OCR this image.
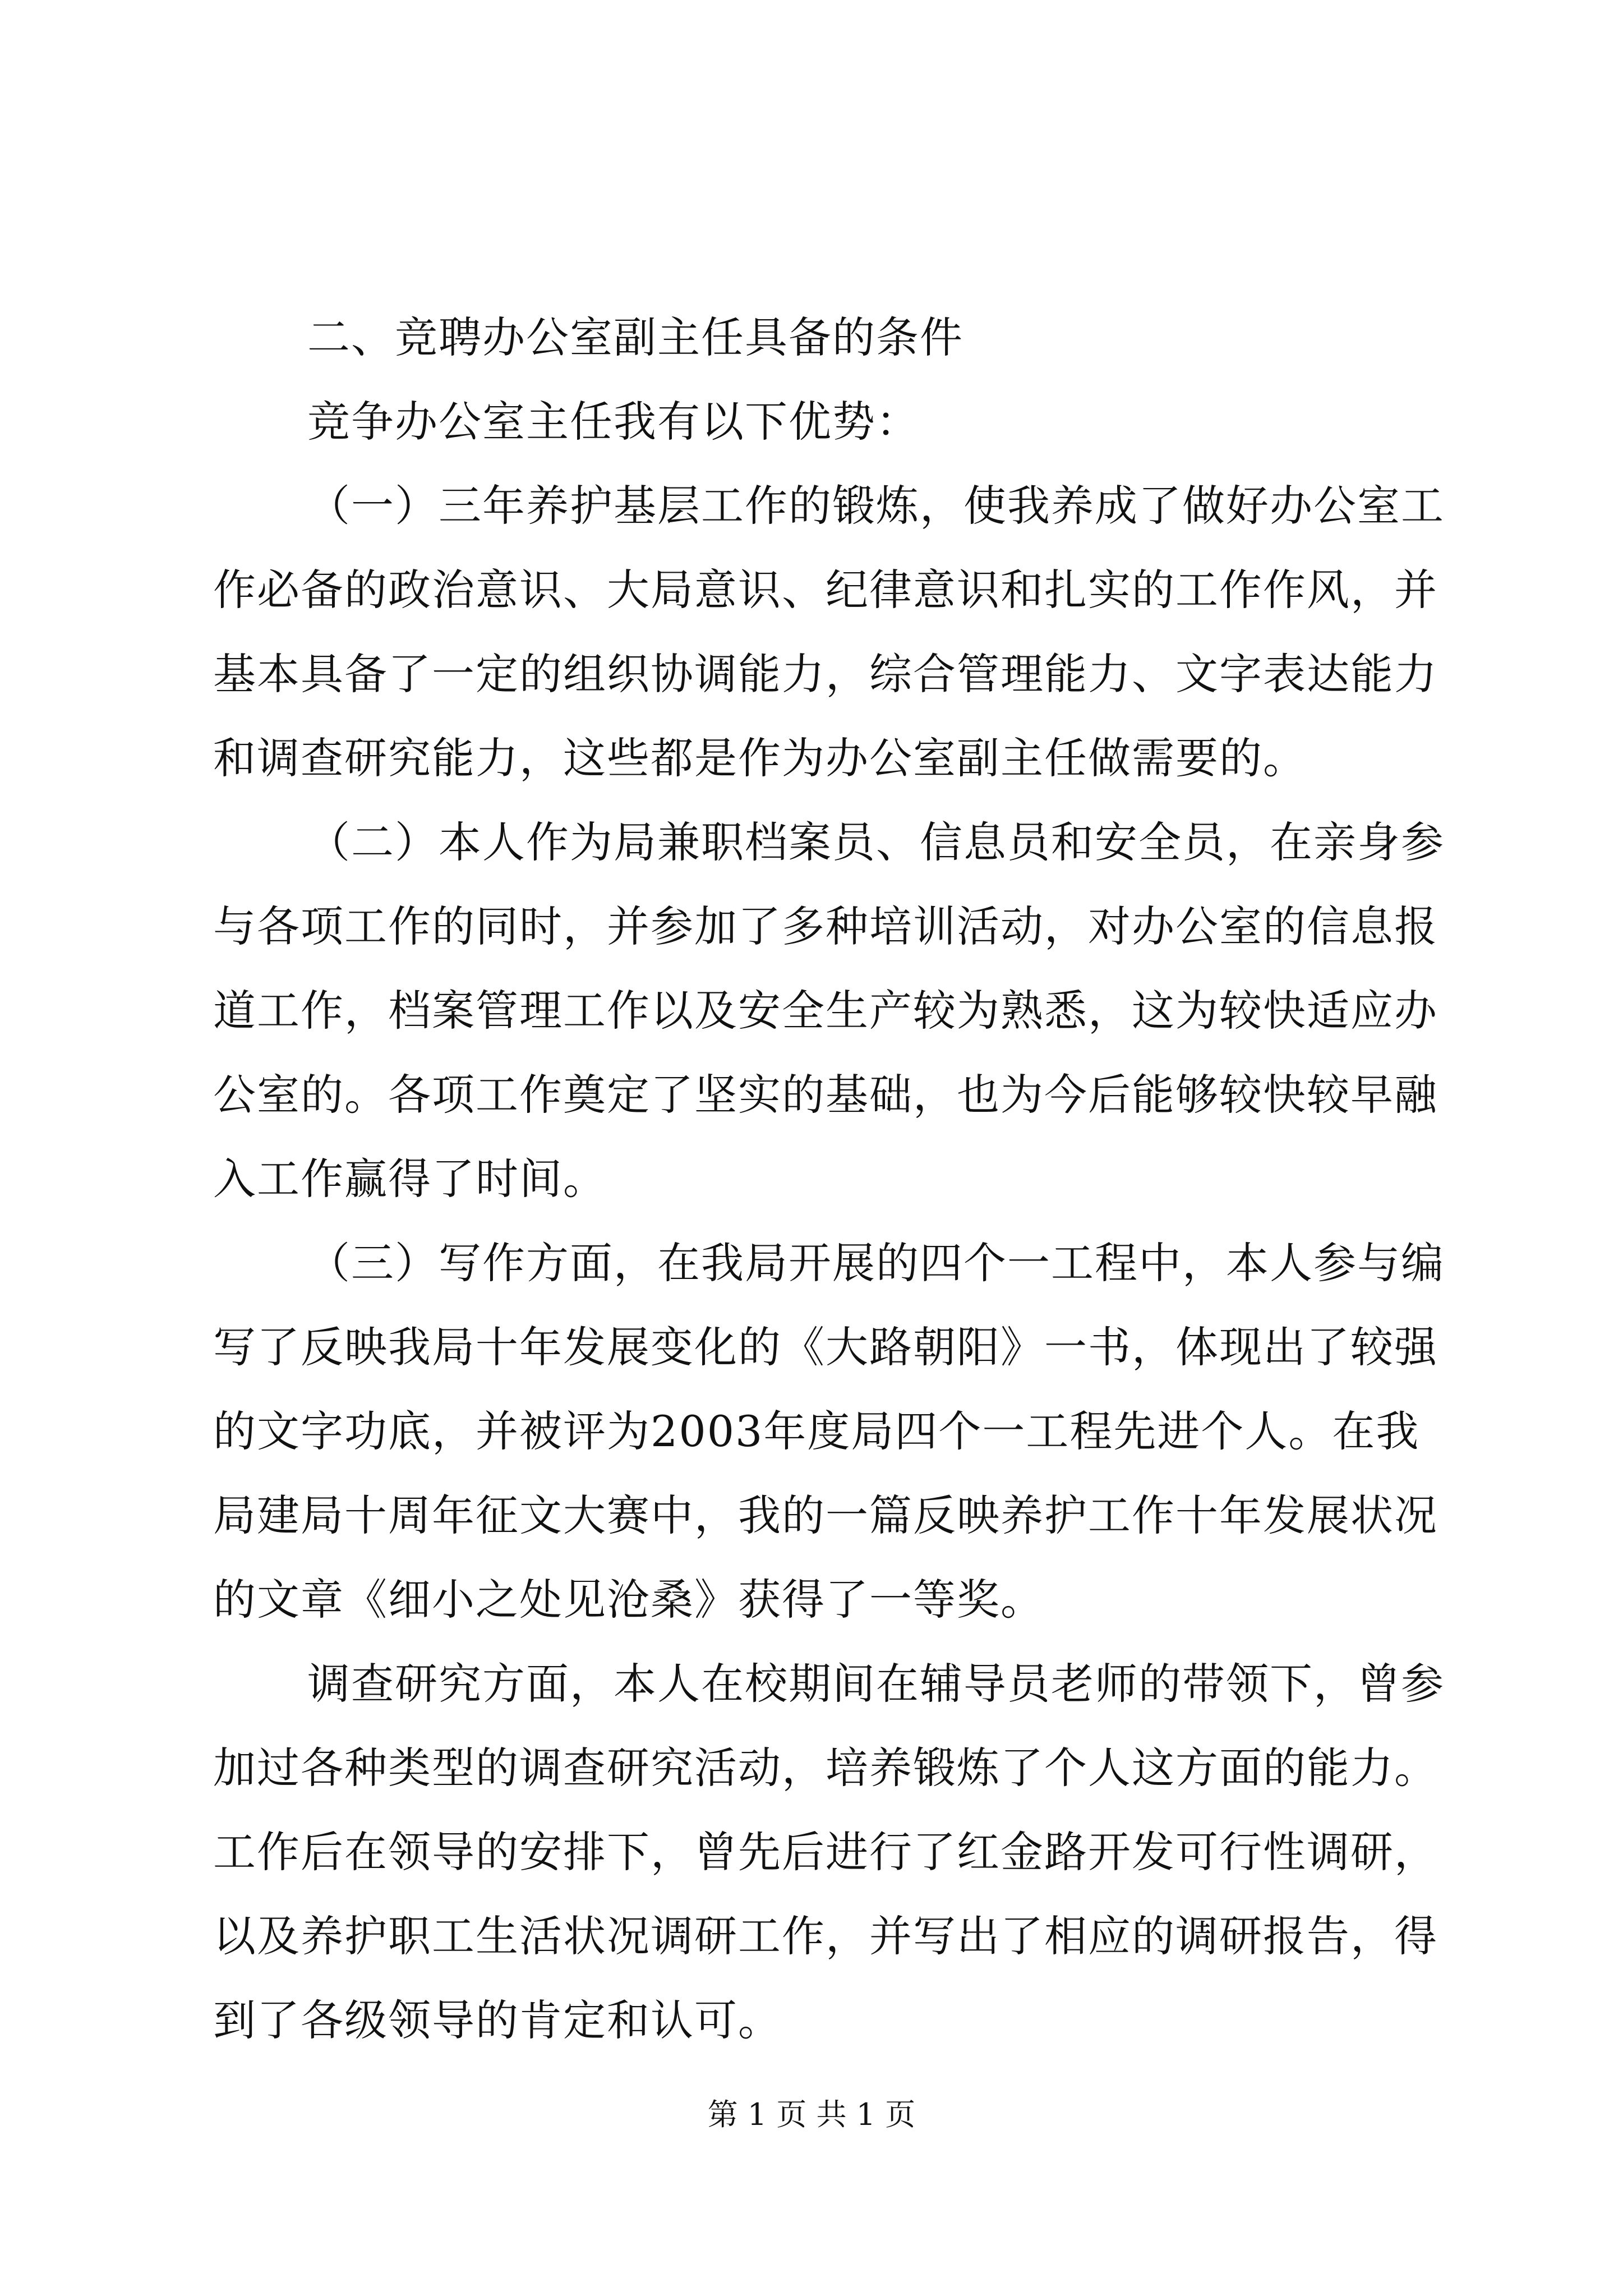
二、竞聘办公室副主任具备的条件

竞争办公室主任我有以下优势：

（一）三年养护基层工作的锻炼，使我养成了做好办公室工

作必备的政治意识、大局意识、纪律意识和扎实的工作作风，并

基本具备了一定的组织协调能力，综合管理能力、文字表达能力

和调查研究能力，这些都是作为办公室副主任做需要的。

（二）本人作为局兼职档案员、信息员和安全员，在亲身参

与各项工作的同时，并参加了多种培训活动，对办公室的信息报

道工作，档案管理工作以及安全生产较为熟悉，这为较快适应办

公室的。各项工作奠定了坚实的基础，也为今后能够较快较早融

入工作赢得了时间。

（三）写作方面，在我局开展的四个一工程中，本人参与编

写了反映我局十年发展变化的《大路朝阳》一书，体现出了较强

的文字功底，并被评为2003年度局四个一工程先进个人。在我

局建局十周年征文大赛中，我的一篇反映养护工作十年发展状况

的文章《细小之处见沧桑》获得了一等奖。

调查研究方面，本人在校期间在辅导员老师的带领下，曾参

加过各种类型的调查研究活动，培养锻炼了个人这方面的能力。

工作后在领导的安排下，曾先后进行了红金路开发可行性调研，

以及养护职工生活状况调研工作，并写出了相应的调研报告，得

到了各级领导的肯定和认可。

第 1 页 共 1 页
